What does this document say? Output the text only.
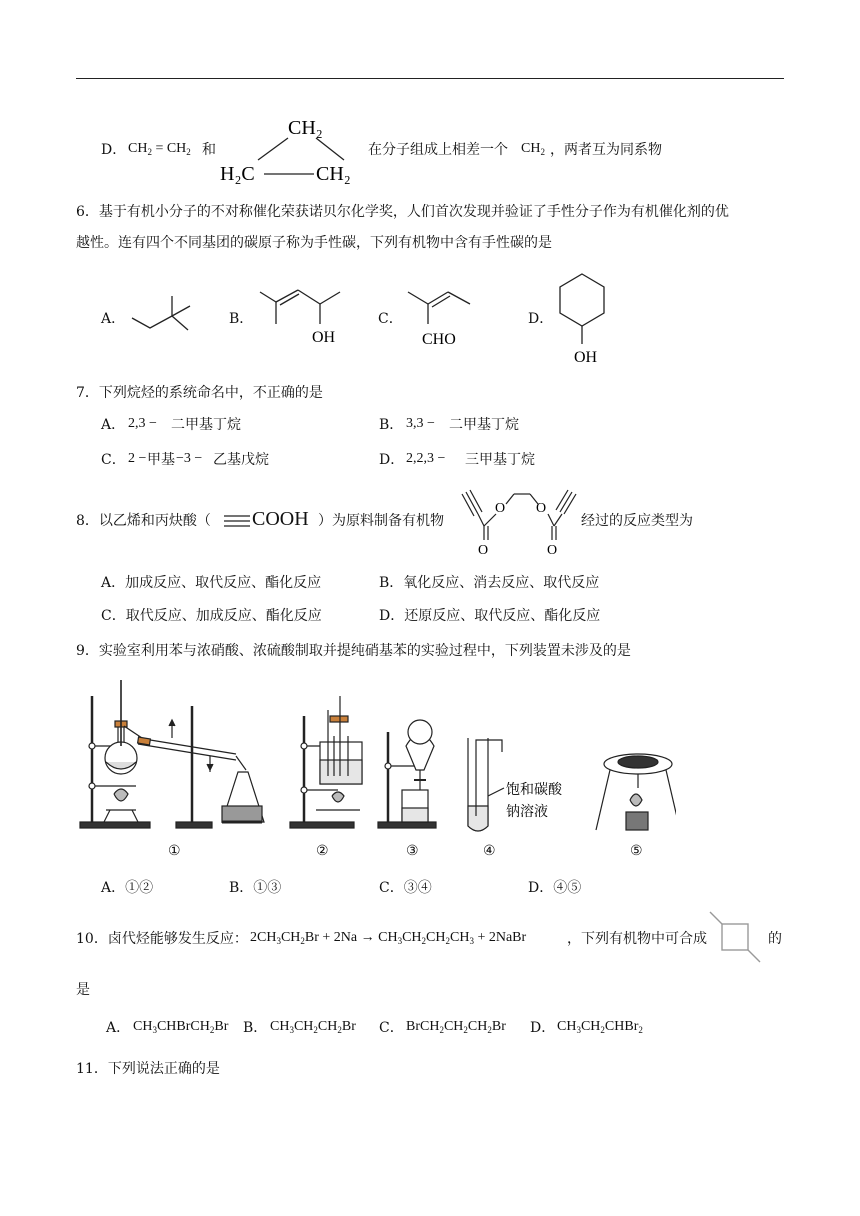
D． $CH_2 = CH_2$ 和
CH₂
H₂C	CH₂
在分子组成上相差一个 $CH_2$ ，两者互为同系物
6．基于有机小分子的不对称催化荣获诺贝尔化学奖，人们首次发现并验证了手性分子作为有机催化剂的优
越性。连有四个不同基团的碳原子称为手性碳，下列有机物中含有手性碳的是
A．	B．
OH
C．
CHO
D．
OH
7．下列烷烃的系统命名中，不正确的是
A． 2,3 − 二甲基丁烷	B． 3,3 − 二甲基丁烷
C． 2 − 甲基 −3 − 乙基戊烷	D． 2,2,3 − 三甲基丁烷
8．以乙烯和丙炔酸（ COOH ）为原料制备有机物
O
O O
O
经过的反应类型为
A．加成反应、取代反应、酯化反应	B．氧化反应、消去反应、取代反应
C．取代反应、加成反应、酯化反应	D．还原反应、取代反应、酯化反应
9．实验室利用苯与浓硝酸、浓硫酸制取并提纯硝基苯的实验过程中，下列装置未涉及的是
饱和碳酸
钠溶液
①	②	③	④	⑤
A．①②	B．①③	C．③④	D．④⑤
10．卤代烃能够发生反应： $2CH_3CH_2Br + 2Na \to CH_3CH_2CH_2CH_3$ + 2NaBr	，下列有机物中可合成	的
是
A． $CH_3CHBrCH_2Br$ B． $CH_3CH_2CH_2Br$ C． $BrCH_2CH_2CH_2Br$ D． $CH_3CH_2CHBr_2$
11．下列说法正确的是
